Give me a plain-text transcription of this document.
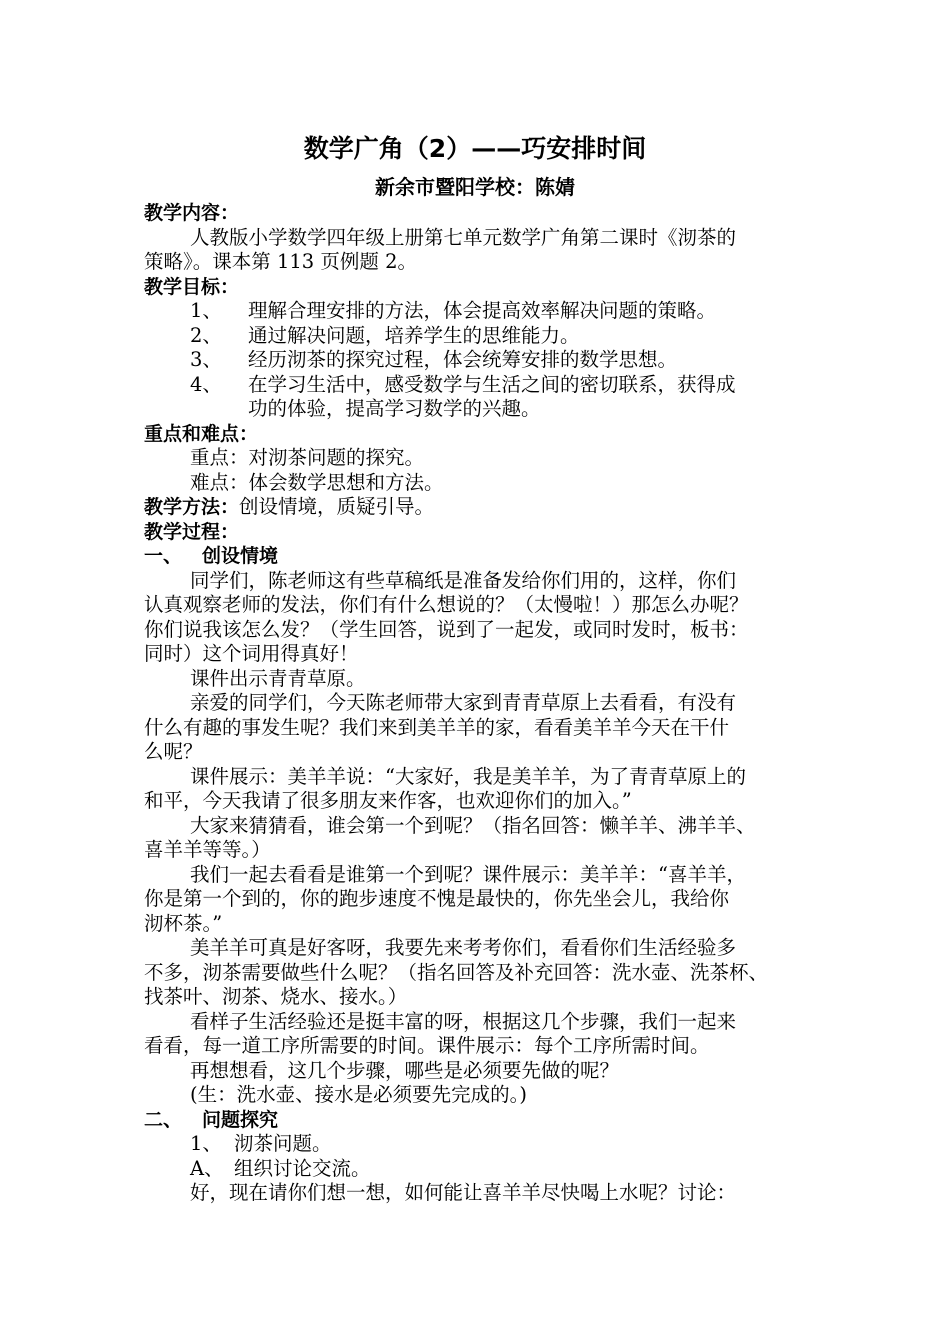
数学广角（2）——巧安排时间
新余市暨阳学校：陈婧
教学内容：
人教版小学数学四年级上册第七单元数学广角第二课时《沏茶的
策略》。课本第 113 页例题 2。
教学目标：
1、 理解合理安排的方法，体会提高效率解决问题的策略。
2、 通过解决问题，培养学生的思维能力。
3、 经历沏茶的探究过程，体会统筹安排的数学思想。
4、 在学习生活中，感受数学与生活之间的密切联系，获得成
功的体验，提高学习数学的兴趣。
重点和难点：
重点：对沏茶问题的探究。
难点：体会数学思想和方法。
教学方法：创设情境，质疑引导。
教学过程：
一、 创设情境
同学们，陈老师这有些草稿纸是准备发给你们用的，这样，你们
认真观察老师的发法，你们有什么想说的？（太慢啦！）那怎么办呢？
你们说我该怎么发？（学生回答，说到了一起发，或同时发时，板书：
同时）这个词用得真好！
课件出示青青草原。
亲爱的同学们，今天陈老师带大家到青青草原上去看看，有没有
什么有趣的事发生呢？我们来到美羊羊的家，看看美羊羊今天在干什
么呢？
课件展示：美羊羊说：“大家好，我是美羊羊，为了青青草原上的
和平，今天我请了很多朋友来作客，也欢迎你们的加入。”
大家来猜猜看，谁会第一个到呢？（指名回答：懒羊羊、沸羊羊、
喜羊羊等等。）
我们一起去看看是谁第一个到呢？课件展示：美羊羊：“喜羊羊，
你是第一个到的，你的跑步速度不愧是最快的，你先坐会儿，我给你
沏杯茶。”
美羊羊可真是好客呀，我要先来考考你们，看看你们生活经验多
不多，沏茶需要做些什么呢？（指名回答及补充回答：洗水壶、洗茶杯、
找茶叶、沏茶、烧水、接水。）
看样子生活经验还是挺丰富的呀，根据这几个步骤，我们一起来
看看，每一道工序所需要的时间。课件展示：每个工序所需时间。
再想想看，这几个步骤，哪些是必须要先做的呢？
(生：洗水壶、接水是必须要先完成的。)
二、 问题探究
1、 沏茶问题。
A、 组织讨论交流。
好，现在请你们想一想，如何能让喜羊羊尽快喝上水呢？讨论：
